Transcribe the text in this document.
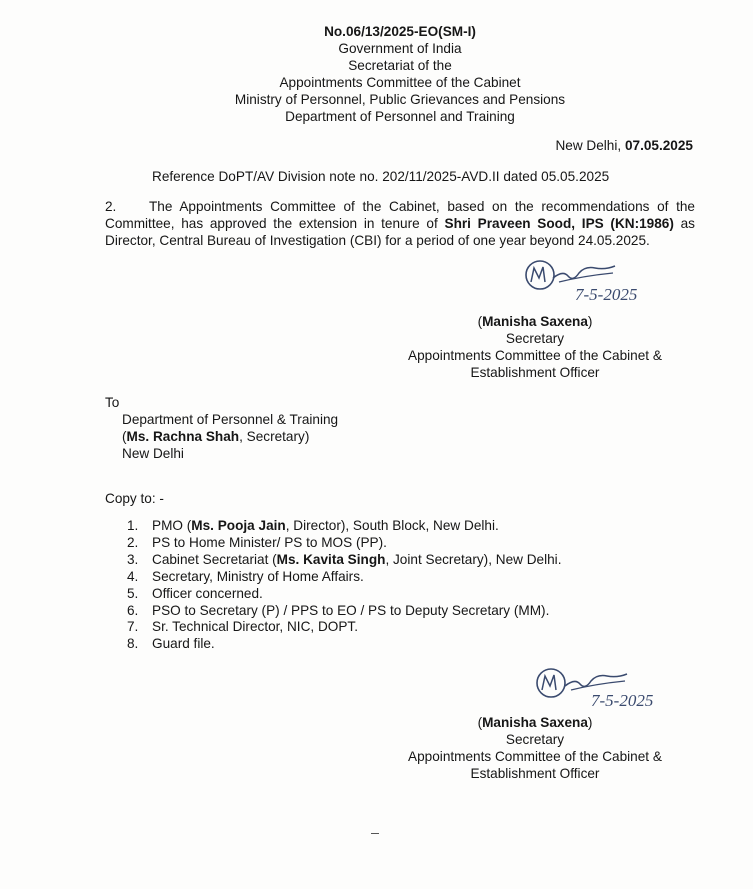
No.06/13/2025-EO(SM-I)
Government of India
Secretariat of the
Appointments Committee of the Cabinet
Ministry of Personnel, Public Grievances and Pensions
Department of Personnel and Training
New Delhi, 07.05.2025
Reference DoPT/AV Division note no. 202/11/2025-AVD.II dated 05.05.2025
2. The Appointments Committee of the Cabinet, based on the recommendations of the Committee, has approved the extension in tenure of Shri Praveen Sood, IPS (KN:1986) as Director, Central Bureau of Investigation (CBI) for a period of one year beyond 24.05.2025.
7-5-2025
(Manisha Saxena)
Secretary
Appointments Committee of the Cabinet &
Establishment Officer
To
Department of Personnel & Training
(Ms. Rachna Shah, Secretary)
New Delhi
Copy to: -
1. PMO (Ms. Pooja Jain, Director), South Block, New Delhi.
2. PS to Home Minister/ PS to MOS (PP).
3. Cabinet Secretariat (Ms. Kavita Singh, Joint Secretary), New Delhi.
4. Secretary, Ministry of Home Affairs.
5. Officer concerned.
6. PSO to Secretary (P) / PPS to EO / PS to Deputy Secretary (MM).
7. Sr. Technical Director, NIC, DOPT.
8. Guard file.
7-5-2025
(Manisha Saxena)
Secretary
Appointments Committee of the Cabinet &
Establishment Officer
